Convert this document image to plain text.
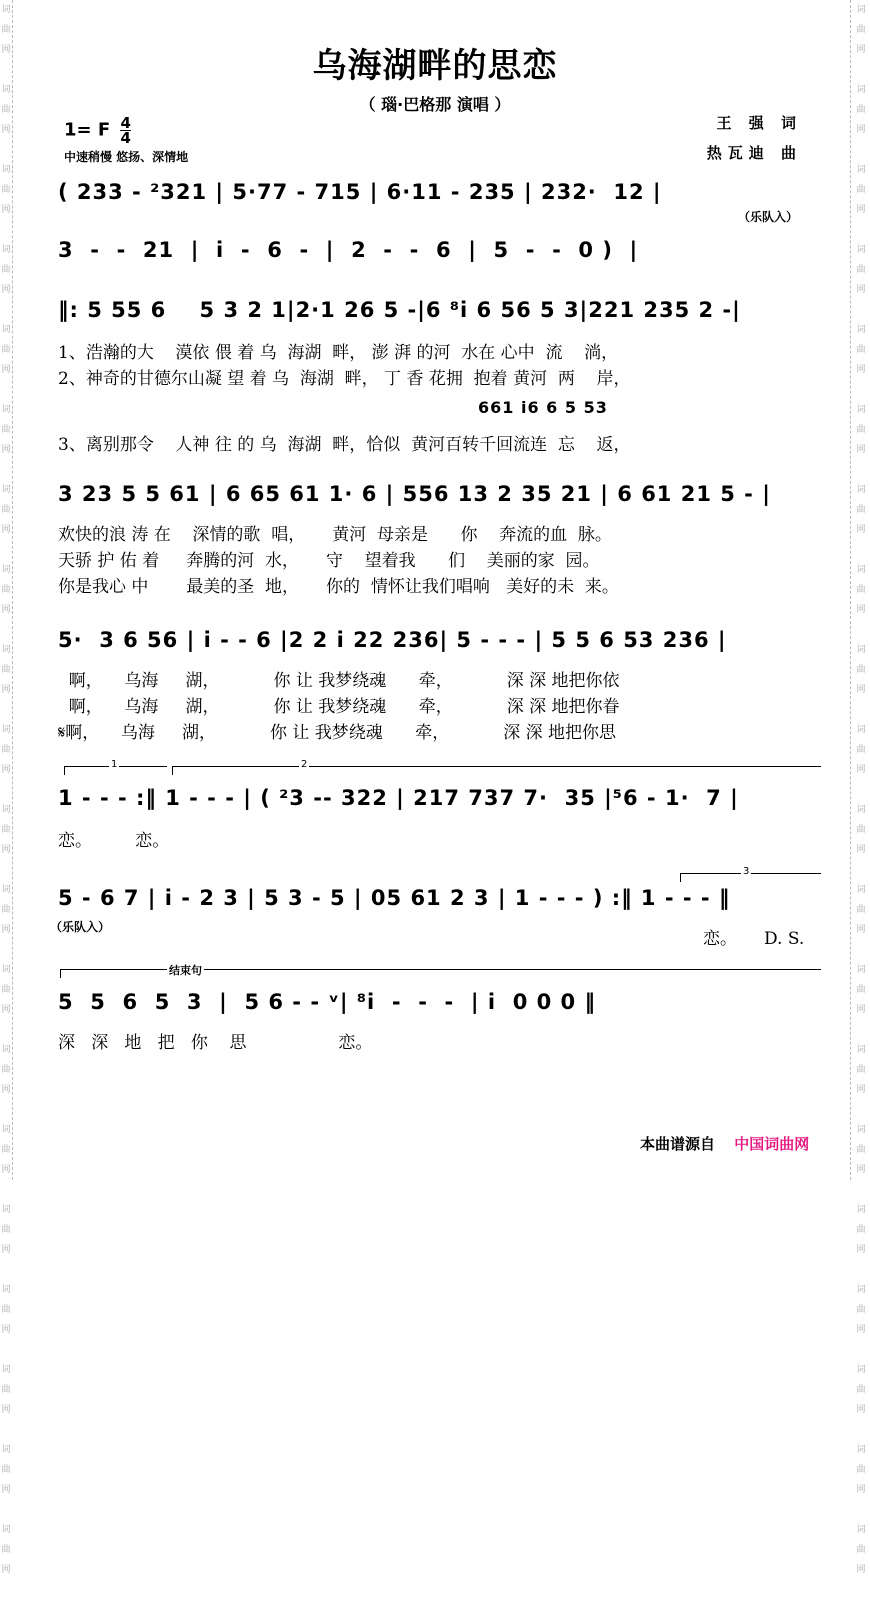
词
曲
网

词
曲
网

词
曲
网

词
曲
网

词
曲
网

词
曲
网

词
曲
网

词
曲
网

词
曲
网

词
曲
网

词
曲
网

词
曲
网

词
曲
网

词
曲
网

词
曲
网

词
曲
网

词
曲
网

词
曲
网

词
曲
网

词
曲
网

词
曲
网

词
曲
网

词
曲
网

词
曲
网

词
曲
网

词
曲
网

词
曲
网

词
曲
网

词
曲
网

词
曲
网

词
曲
网

词
曲
网

词
曲
网

词
曲
网

词
曲
网

词
曲
网

词
曲
网

词
曲
网

词
曲
网

词
曲
网

乌海湖畔的思恋
（ 瑙·巴格那 演唱 ）
1= F $\frac{4}{4}$
中速稍慢 悠扬、深情地
王 强 词
热瓦迪 曲
( 233 - ²321 | 5·77 - 715 | 6·11 - 235 | 232·  12 |
（乐队入）
3  -  -  21  |  i  -  6  -  |  2  -  -  6  |  5  -  -  0 )  |
‖: 5 55 6    5 3 2 1|2·1 26 5 -|6 ⁸i 6 56 5 3|221 235 2 -|
1、浩瀚的大    漠依 偎 着 乌  海湖  畔， 澎 湃 的河  水在 心中  流    淌，
2、神奇的甘德尔山凝 望 着 乌  海湖  畔， 丁 香 花拥  抱着 黄河  两    岸，
661 i6 6 5 53
3、离别那令    人神 往 的 乌  海湖  畔，恰似  黄河百转千回流连  忘    返，
3 23 5 5 61 | 6 65 61 1· 6 | 556 13 2 35 21 | 6 61 21 5 - |
欢快的浪 涛 在    深情的歌  唱，     黄河  母亲是      你    奔流的血  脉。
天骄 护 佑 着     奔腾的河  水，     守    望着我      们    美丽的家  园。
你是我心 中       最美的圣  地，     你的  情怀让我们唱响   美好的未  来。
5·  3 6 56 | i - - 6 |2 2 i 22 236| 5 - - - | 5 5 6 53 236 |
啊，    乌海     湖，          你 让 我梦绕魂      牵，          深 深 地把你依
啊，    乌海     湖，          你 让 我梦绕魂      牵，          深 深 地把你眷
𝄋啊，    乌海     湖，          你 让 我梦绕魂      牵，          深 深 地把你思
1	2
1 - - - :‖ 1 - - - | ( ²3 -- 322 | 217 737 7·  35 |⁵6 - 1·  7 |
恋。        恋。
3
5 - 6 7 | i - 2 3 | 5 3 - 5 | 05 61 2 3 | 1 - - - ) :‖ 1 - - - ‖
（乐队入）
恋。     D. S.
结束句
5  5  6  5  3  |  5 6 - - ᵛ| ⁸i  -  -  -  | i  0 0 0 ‖
深   深   地   把   你    思                 恋。
本曲谱源自 中国词曲网
